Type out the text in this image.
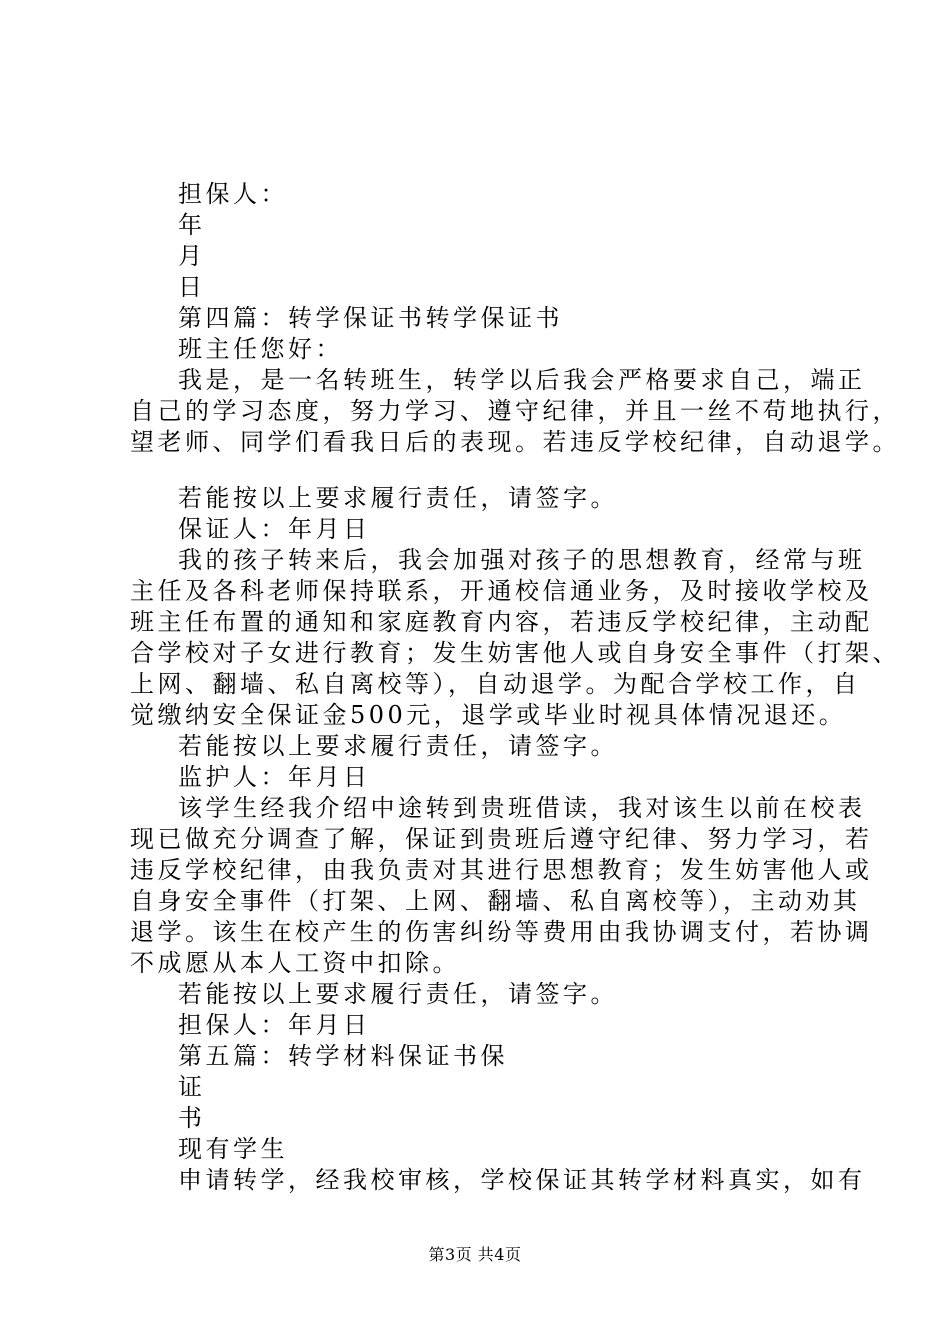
担保人：
年
月
日
第四篇：转学保证书转学保证书
班主任您好：
我是，是一名转班生，转学以后我会严格要求自己，端正
自己的学习态度，努力学习、遵守纪律，并且一丝不苟地执行，
望老师、同学们看我日后的表现。若违反学校纪律，自动退学。
若能按以上要求履行责任，请签字。
保证人：年月日
我的孩子转来后，我会加强对孩子的思想教育，经常与班
主任及各科老师保持联系，开通校信通业务，及时接收学校及
班主任布置的通知和家庭教育内容，若违反学校纪律，主动配
合学校对子女进行教育；发生妨害他人或自身安全事件（打架、
上网、翻墙、私自离校等），自动退学。为配合学校工作，自
觉缴纳安全保证金500元，退学或毕业时视具体情况退还。
若能按以上要求履行责任，请签字。
监护人：年月日
该学生经我介绍中途转到贵班借读，我对该生以前在校表
现已做充分调查了解，保证到贵班后遵守纪律、努力学习，若
违反学校纪律，由我负责对其进行思想教育；发生妨害他人或
自身安全事件（打架、上网、翻墙、私自离校等），主动劝其
退学。该生在校产生的伤害纠纷等费用由我协调支付，若协调
不成愿从本人工资中扣除。
若能按以上要求履行责任，请签字。
担保人：年月日
第五篇：转学材料保证书保
证
书
现有学生
申请转学，经我校审核，学校保证其转学材料真实，如有
第3页 共4页
